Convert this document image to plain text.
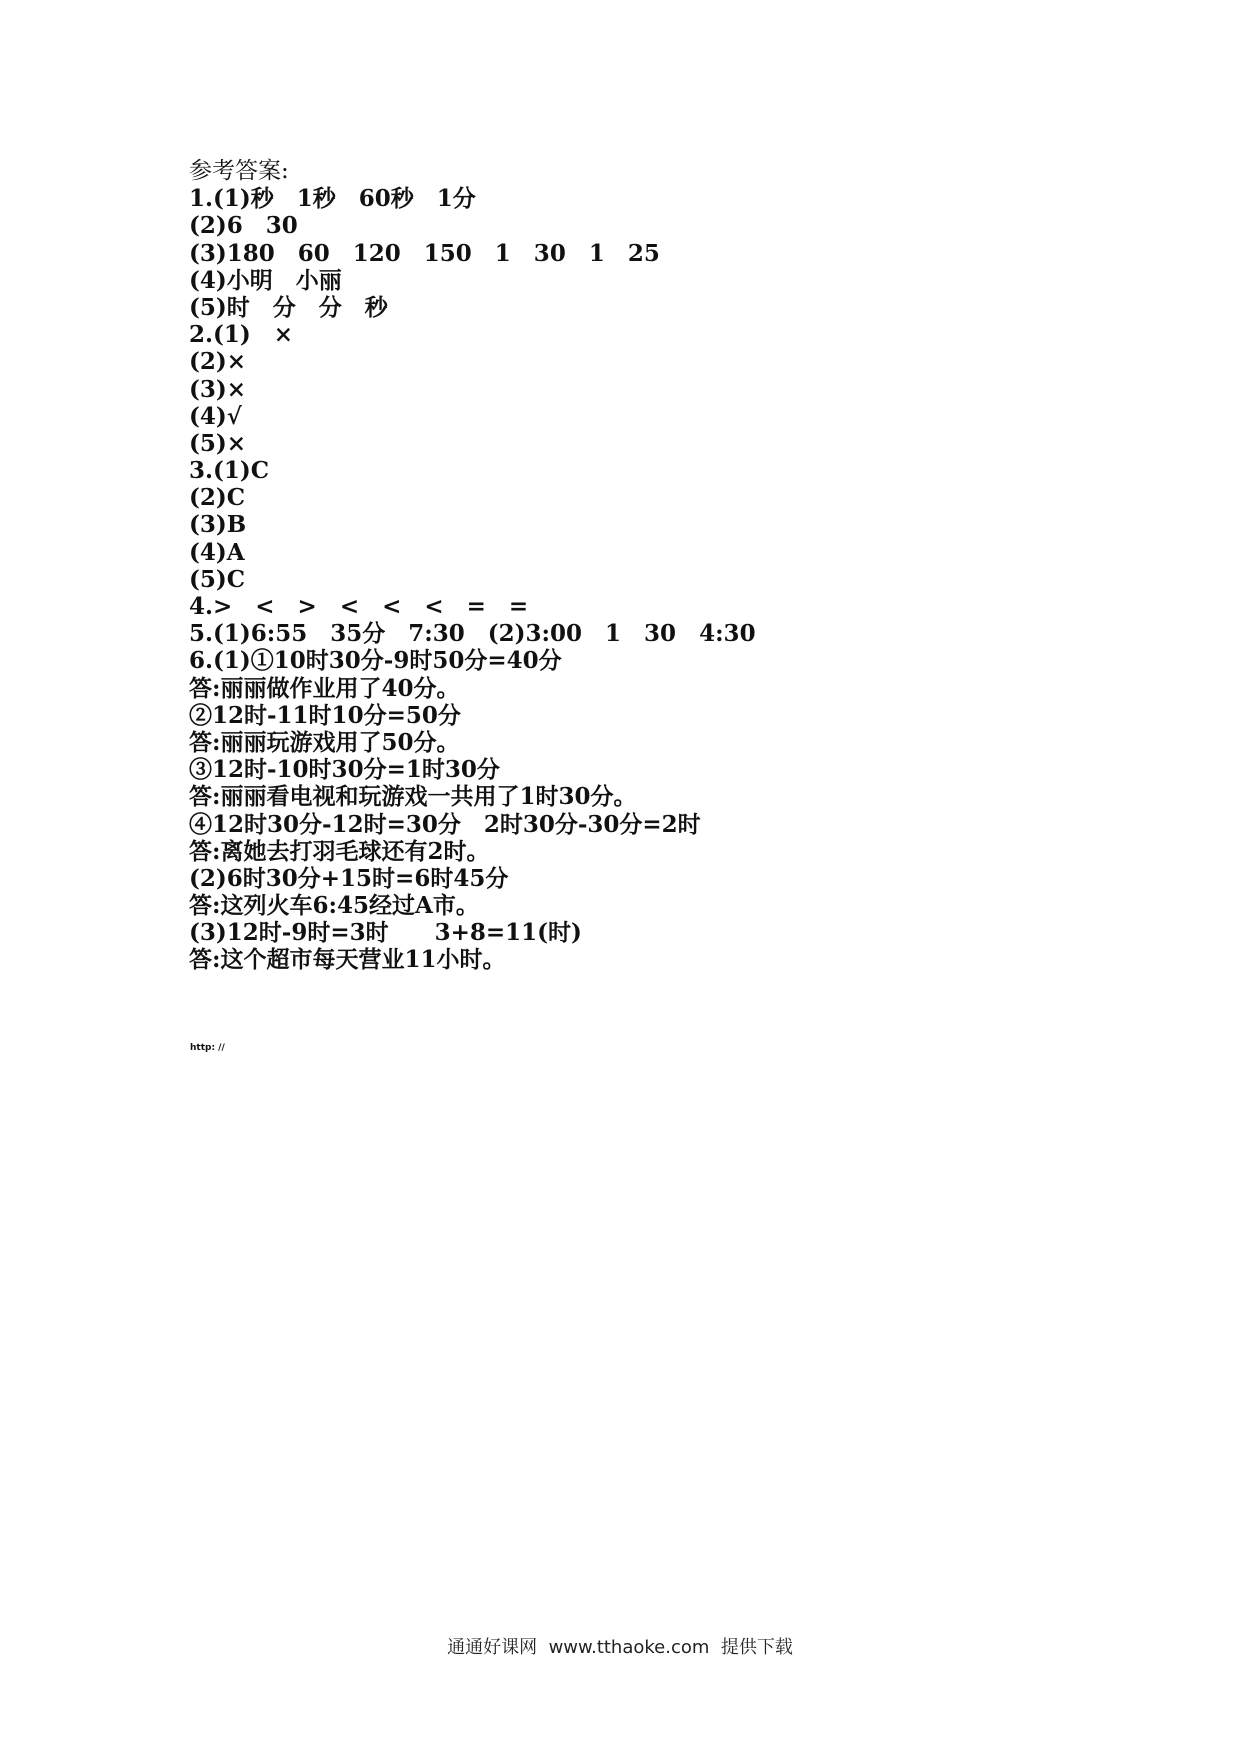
参考答案:
1.(1)秒　1秒　60秒　1分
(2)6　30
(3)180　60　120　150　1　30　1　25
(4)小明　小丽
(5)时　分　分　秒
2.(1)　×
(2)×
(3)×
(4)√
(5)×
3.(1)C
(2)C
(3)B
(4)A
(5)C
4.>　<　>　<　<　<　=　=
5.(1)6:55　35分　7:30　(2)3:00　1　30　4:30
6.(1)①10时30分-9时50分=40分
答:丽丽做作业用了40分。
②12时-11时10分=50分
答:丽丽玩游戏用了50分。
③12时-10时30分=1时30分
答:丽丽看电视和玩游戏一共用了1时30分。
④12时30分-12时=30分　2时30分-30分=2时
答:离她去打羽毛球还有2时。
(2)6时30分+15时=6时45分
答:这列火车6:45经过A市。
(3)12时-9时=3时　　3+8=11(时)
答:这个超市每天营业11小时。
http: //
通通好课网  www.tthaoke.com  提供下载
